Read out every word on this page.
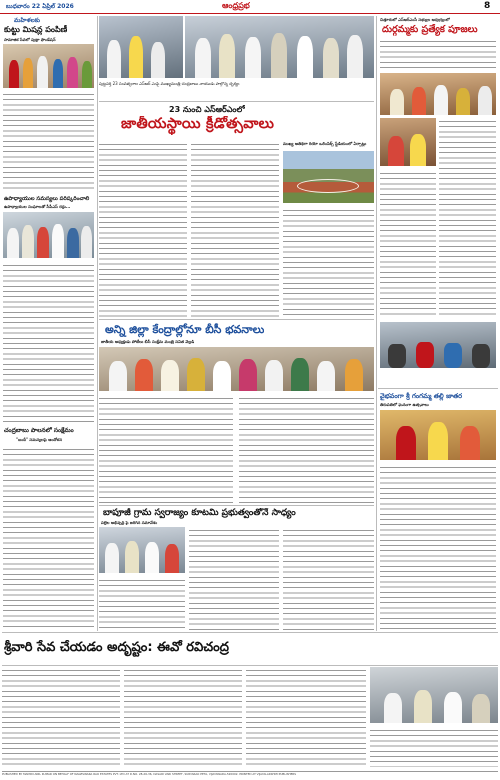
బుధవారం 22 ఏప్రిల్ 2026	ఆంధ్రప్రభ	8
మహిళలకు
కుట్టు మిషన్ల పంపిణీ
సామాజిక సేవలో పుట్టా ఫౌండేషన్
ఉపాధ్యాయుల సమస్యలు పరిష్కరించాలి
ఉపాధ్యాయుల సంఘాలతో సీపీఎస్ రద్దు...
చంద్రబాబు పాలనలో సంక్షేమం
"బందీ" సమస్యలపై ఆందోళన
పుట్టపర్తి 23 సంవత్సరాల ఎస్ఆర్ ఎంపై ముఖ్యమంత్రి చంద్రబాబు నాయుడు పాల్గొన్న దృశ్యం
23 నుంచి ఎస్ఆర్ఎంలో
జాతీయస్థాయి క్రీడోత్సవాలు
ముఖ్య అతిథిగా రియో ఒలింపిక్స్ స్టేడియంలో ఏర్పాట్లు
అన్ని జిల్లా కేంద్రాల్లోనూ బీసీ భవనాలు
జాతీయ అధ్యక్షుడు పోటీలు బీసీ సంక్షేమ మంత్రి సవిత వెల్లడి
బాపూజీ గ్రామ స్వరాజ్యం కూటమి ప్రభుత్వంతోనే సాధ్యం
పల్లెల అభివృద్ధి పై జరిగిన సమావేశం
చిత్తూరులో ఎస్ఆర్ఎంసీ సభ్యుల ఆధ్వర్యంలో
దుర్గమ్మకు ప్రత్యేక పూజలు
వైభవంగా శ్రీ గంగమ్మ తల్లి జాతర
తిరుపతిలో ఘనంగా ఉత్సవాలు
శ్రీవారి సేవ చేయడం అదృష్టం: ఈవో రవిచంద్ర
PUBLISHED BY MAMIDI ANIL KUMAR ON BEHALF OF NAGESWARA RAO ESTATES PVT. LTD AT D.NO. 28-26-36, DASARI VARI STREET, SURYARAO PETA, VIJAYAWADA-520002. PRINTED AT VIJAYALAKSHMI PUBLISHERS
